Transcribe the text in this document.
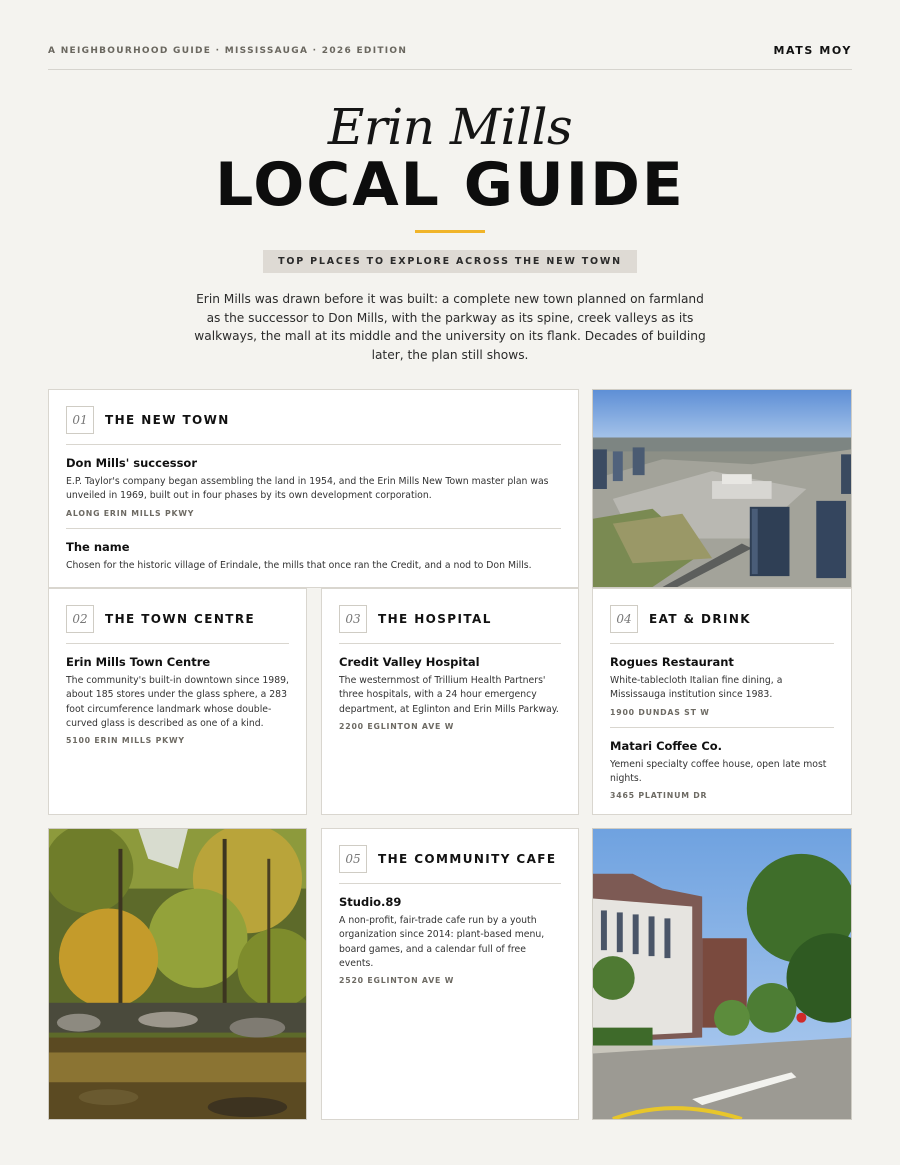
A NEIGHBOURHOOD GUIDE · MISSISSAUGA · 2026 EDITION	MATS MOY
Erin Mills
LOCAL GUIDE
TOP PLACES TO EXPLORE ACROSS THE NEW TOWN
Erin Mills was drawn before it was built: a complete new town planned on farmland as the successor to Don Mills, with the parkway as its spine, creek valleys as its walkways, the mall at its middle and the university on its flank. Decades of building later, the plan still shows.
01	THE NEW TOWN
Don Mills' successor
E.P. Taylor's company began assembling the land in 1954, and the Erin Mills New Town master plan was unveiled in 1969, built out in four phases by its own development corporation.
ALONG ERIN MILLS PKWY
The name
Chosen for the historic village of Erindale, the mills that once ran the Credit, and a nod to Don Mills.
02	THE TOWN CENTRE
Erin Mills Town Centre
The community's built-in downtown since 1989, about 185 stores under the glass sphere, a 283 foot circumference landmark whose double-curved glass is described as one of a kind.
5100 ERIN MILLS PKWY
03	THE HOSPITAL
Credit Valley Hospital
The westernmost of Trillium Health Partners' three hospitals, with a 24 hour emergency department, at Eglinton and Erin Mills Parkway.
2200 EGLINTON AVE W
04	EAT & DRINK
Rogues Restaurant
White-tablecloth Italian fine dining, a Mississauga institution since 1983.
1900 DUNDAS ST W
Matari Coffee Co.
Yemeni specialty coffee house, open late most nights.
3465 PLATINUM DR
05	THE COMMUNITY CAFE
Studio.89
A non-profit, fair-trade cafe run by a youth organization since 2014: plant-based menu, board games, and a calendar full of free events.
2520 EGLINTON AVE W
